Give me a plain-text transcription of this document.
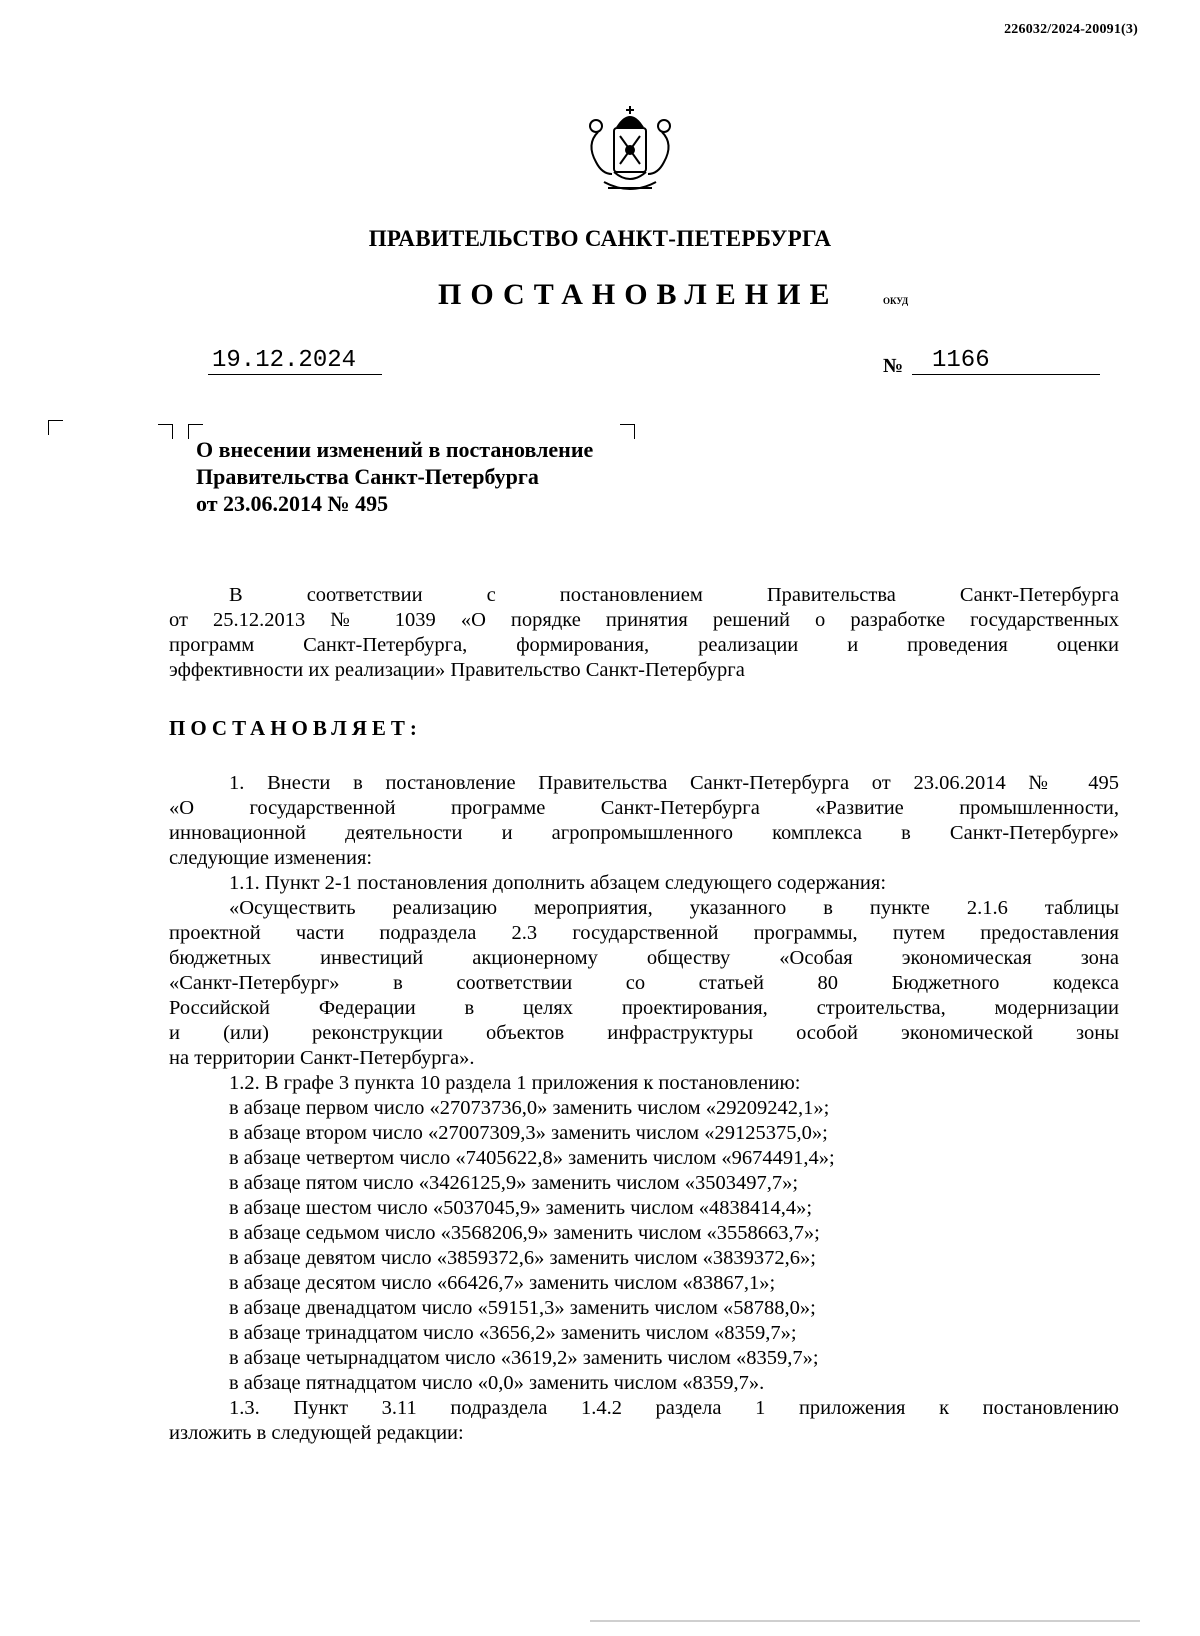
226032/2024-20091(3)
ПРАВИТЕЛЬСТВО САНКТ-ПЕТЕРБУРГА
ПОСТАНОВЛЕНИЕ	ОКУД
19.12.2024	№	1166
О внесении изменений в постановление
Правительства Санкт-Петербурга
от 23.06.2014 № 495
В соответствии с постановлением Правительства Санкт-Петербурга
от 25.12.2013 № 1039 «О порядке принятия решений о разработке государственных
программ Санкт-Петербурга, формирования, реализации и проведения оценки
эффективности их реализации» Правительство Санкт-Петербурга
ПОСТАНОВЛЯЕТ:
1. Внести в постановление Правительства Санкт-Петербурга от 23.06.2014 № 495
«О государственной программе Санкт-Петербурга «Развитие промышленности,
инновационной деятельности и агропромышленного комплекса в Санкт-Петербурге»
следующие изменения:
1.1. Пункт 2-1 постановления дополнить абзацем следующего содержания:
«Осуществить реализацию мероприятия, указанного в пункте 2.1.6 таблицы
проектной части подраздела 2.3 государственной программы, путем предоставления
бюджетных инвестиций акционерному обществу «Особая экономическая зона
«Санкт-Петербург» в соответствии со статьей 80 Бюджетного кодекса
Российской Федерации в целях проектирования, строительства, модернизации
и (или) реконструкции объектов инфраструктуры особой экономической зоны
на территории Санкт-Петербурга».
1.2. В графе 3 пункта 10 раздела 1 приложения к постановлению:
в абзаце первом число «27073736,0» заменить числом «29209242,1»;
в абзаце втором число «27007309,3» заменить числом «29125375,0»;
в абзаце четвертом число «7405622,8» заменить числом «9674491,4»;
в абзаце пятом число «3426125,9» заменить числом «3503497,7»;
в абзаце шестом число «5037045,9» заменить числом «4838414,4»;
в абзаце седьмом число «3568206,9» заменить числом «3558663,7»;
в абзаце девятом число «3859372,6» заменить числом «3839372,6»;
в абзаце десятом число «66426,7» заменить числом «83867,1»;
в абзаце двенадцатом число «59151,3» заменить числом «58788,0»;
в абзаце тринадцатом число «3656,2» заменить числом «8359,7»;
в абзаце четырнадцатом число «3619,2» заменить числом «8359,7»;
в абзаце пятнадцатом число «0,0» заменить числом «8359,7».
1.3. Пункт 3.11 подраздела 1.4.2 раздела 1 приложения к постановлению
изложить в следующей редакции:
